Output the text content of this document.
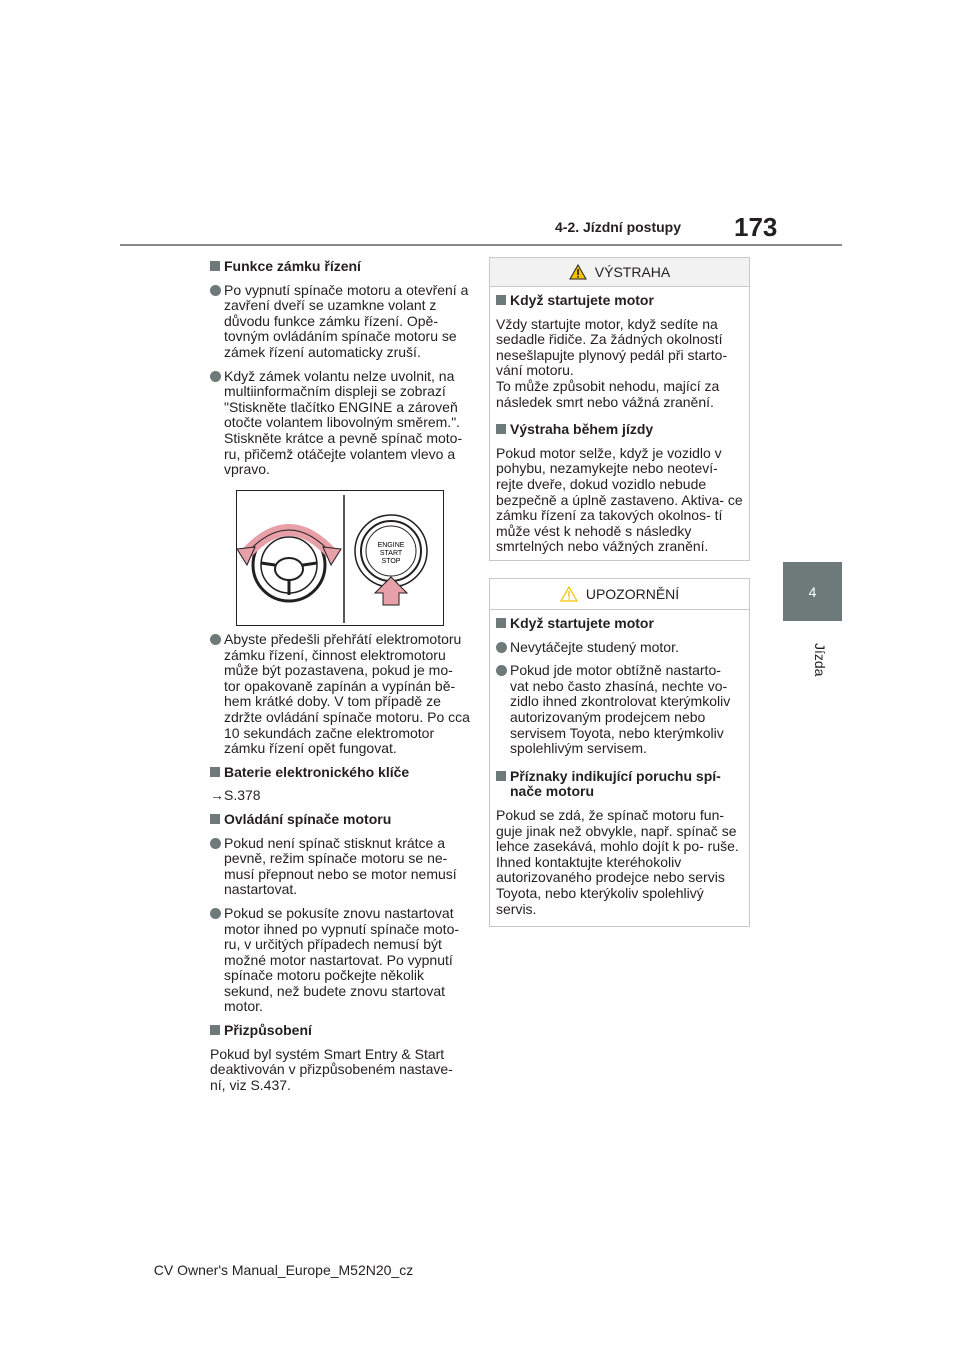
4-2. Jízdní postupy 173
4
Jízda

Funkce zámku řízení

Po vypnutí spínače motoru a otevření a zavření dveří se uzamkne volant z důvodu funkce zámku řízení. Opě- tovným ovládáním spínače motoru se zámek řízení automaticky zruší.

Když zámek volantu nelze uvolnit, na multiinformačním displeji se zobrazí "Stiskněte tlačítko ENGINE a zároveň otočte volantem libovolným směrem.". Stiskněte krátce a pevně spínač moto- ru, přičemž otáčejte volantem vlevo a vpravo.

ENGINE
START
STOP

Abyste předešli přehřátí elektromotoru zámku řízení, činnost elektromotoru může být pozastavena, pokud je mo- tor opakovaně zapínán a vypínán bě- hem krátké doby. V tom případě ze zdržte ovládání spínače motoru. Po cca 10 sekundách začne elektromotor zámku řízení opět fungovat.

Baterie elektronického klíče

→S.378

Ovládání spínače motoru

Pokud není spínač stisknut krátce a pevně, režim spínače motoru se ne- musí přepnout nebo se motor nemusí nastartovat.

Pokud se pokusíte znovu nastartovat motor ihned po vypnutí spínače moto- ru, v určitých případech nemusí být možné motor nastartovat. Po vypnutí spínače motoru počkejte několik sekund, než budete znovu startovat motor.

Přizpůsobení

Pokud byl systém Smart Entry & Start deaktivován v přizpůsobeném nastave- ní, viz S.437.

VÝSTRAHA

Když startujete motor

Vždy startujte motor, když sedíte na sedadle řidiče. Za žádných okolností nesešlapujte plynový pedál při starto- vání motoru.
To může způsobit nehodu, mající za následek smrt nebo vážná zranění.

Výstraha během jízdy

Pokud motor selže, když je vozidlo v pohybu, nezamykejte nebo neoteví- rejte dveře, dokud vozidlo nebude bezpečně a úplně zastaveno. Aktiva- ce zámku řízení za takových okolnos- tí může vést k nehodě s následky smrtelných nebo vážných zranění.

UPOZORNĚNÍ

Když startujete motor

Nevytáčejte studený motor.

Pokud jde motor obtížně nastarto- vat nebo často zhasíná, nechte vo- zidlo ihned zkontrolovat kterýmkoliv autorizovaným prodejcem nebo servisem Toyota, nebo kterýmkoliv spolehlivým servisem.

Příznaky indikující poruchu spí- nače motoru

Pokud se zdá, že spínač motoru fun- guje jinak než obvykle, např. spínač se lehce zasekává, mohlo dojít k po- ruše. Ihned kontaktujte kteréhokoliv autorizovaného prodejce nebo servis Toyota, nebo kterýkoliv spolehlivý servis.

CV Owner's Manual_Europe_M52N20_cz
